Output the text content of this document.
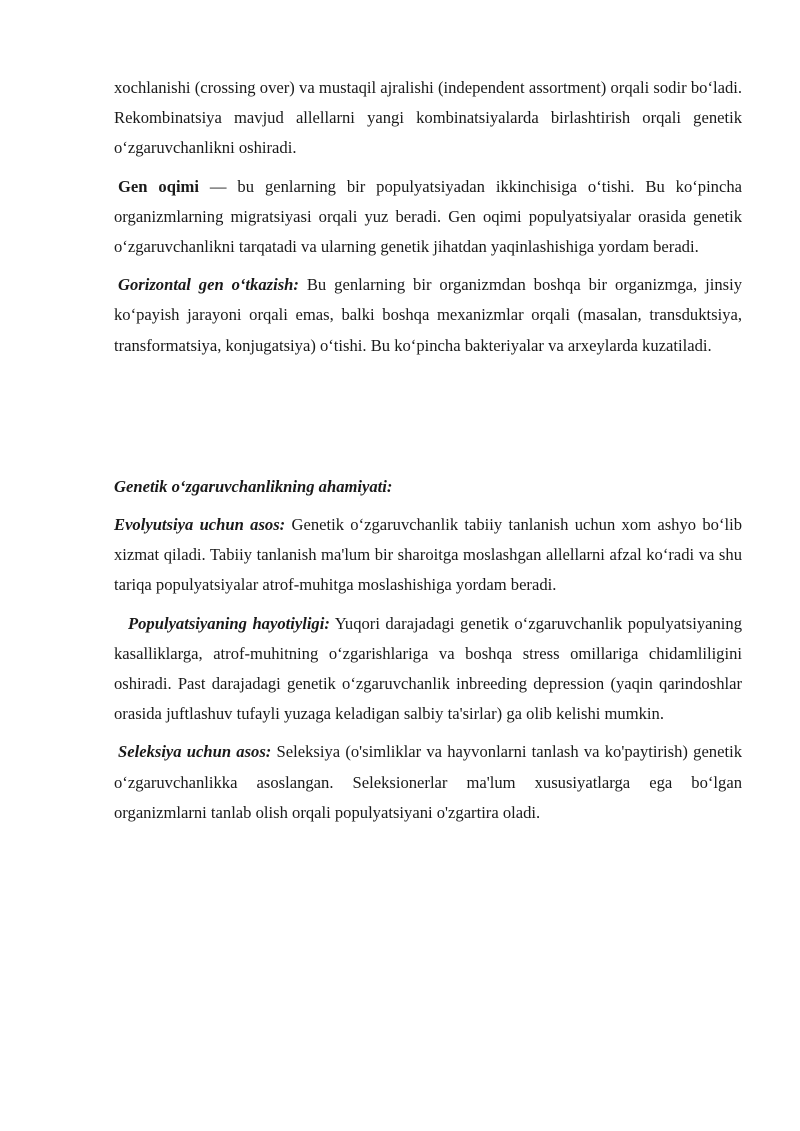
xochlanishi (crossing over) va mustaqil ajralishi (independent assortment) orqali sodir bo‘ladi. Rekombinatsiya mavjud allellarni yangi kombinatsiyalarda birlashtirish orqali genetik o‘zgaruvchanlikni oshiradi.

Gen oqimi — bu genlarning bir populyatsiyadan ikkinchisiga o‘tishi. Bu ko‘pincha organizmlarning migratsiyasi orqali yuz beradi. Gen oqimi populyatsiyalar orasida genetik o‘zgaruvchanlikni tarqatadi va ularning genetik jihatdan yaqinlashishiga yordam beradi.

Gorizontal gen o‘tkazish: Bu genlarning bir organizmdan boshqa bir organizmga, jinsiy ko‘payish jarayoni orqali emas, balki boshqa mexanizmlar orqali (masalan, transduktsiya, transformatsiya, konjugatsiya) o‘tishi. Bu ko‘pincha bakteriyalar va arxeylarda kuzatiladi.

Genetik o‘zgaruvchanlikning ahamiyati:

Evolyutsiya uchun asos: Genetik o‘zgaruvchanlik tabiiy tanlanish uchun xom ashyo bo‘lib xizmat qiladi. Tabiiy tanlanish ma'lum bir sharoitga moslashgan allellarni afzal ko‘radi va shu tariqa populyatsiyalar atrof-muhitga moslashishiga yordam beradi.

Populyatsiyaning hayotiyligi: Yuqori darajadagi genetik o‘zgaruvchanlik populyatsiyaning kasalliklarga, atrof-muhitning o‘zgarishlariga va boshqa stress omillariga chidamliligini oshiradi. Past darajadagi genetik o‘zgaruvchanlik inbreeding depression (yaqin qarindoshlar orasida juftlashuv tufayli yuzaga keladigan salbiy ta'sirlar) ga olib kelishi mumkin.

Seleksiya uchun asos: Seleksiya (o'simliklar va hayvonlarni tanlash va ko'paytirish) genetik o‘zgaruvchanlikka asoslangan. Seleksionerlar ma'lum xususiyatlarga ega bo‘lgan organizmlarni tanlab olish orqali populyatsiyani o'zgartira oladi.
